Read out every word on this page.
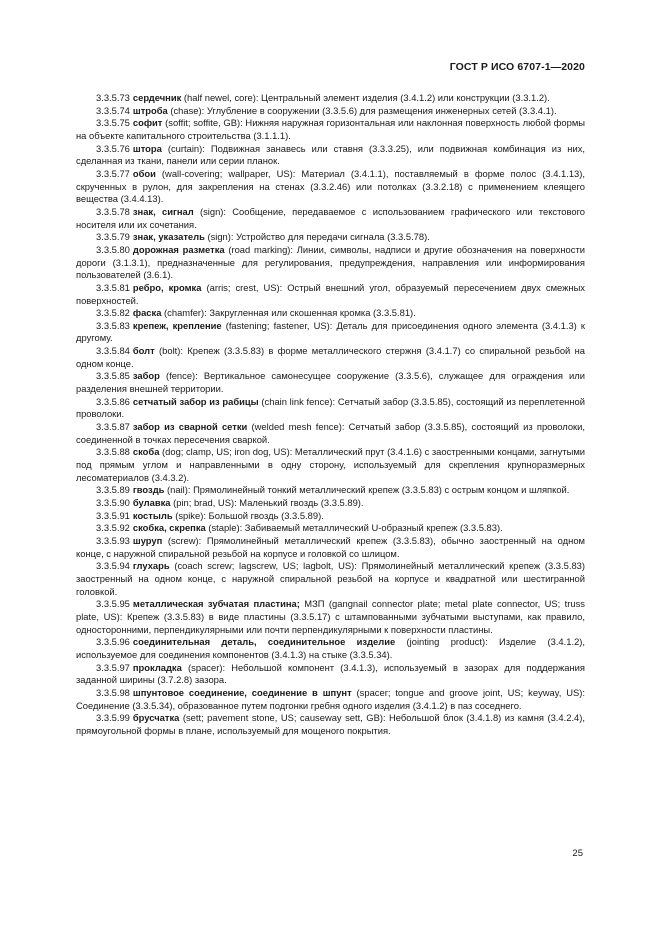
ГОСТ Р ИСО 6707-1—2020

3.3.5.73 сердечник (half newel, core): Центральный элемент изделия (3.4.1.2) или конструкции (3.3.1.2).

3.3.5.74 штроба (chase): Углубление в сооружении (3.3.5.6) для размещения инженерных сетей (3.3.4.1).

3.3.5.75 софит (soffit; soffite, GB): Нижняя наружная горизонтальная или наклонная поверхность любой формы на объекте капитального строительства (3.1.1.1).

3.3.5.76 штора (curtain): Подвижная занавесь или ставня (3.3.3.25), или подвижная комбинация из них, сделанная из ткани, панели или серии планок.

3.3.5.77 обои (wall-covering; wallpaper, US): Материал (3.4.1.1), поставляемый в форме полос (3.4.1.13), скрученных в рулон, для закрепления на стенах (3.3.2.46) или потолках (3.3.2.18) с применением клеящего вещества (3.4.4.13).

3.3.5.78 знак, сигнал (sign): Сообщение, передаваемое с использованием графического или текстового носителя или их сочетания.

3.3.5.79 знак, указатель (sign): Устройство для передачи сигнала (3.3.5.78).

3.3.5.80 дорожная разметка (road marking): Линии, символы, надписи и другие обозначения на поверхности дороги (3.1.3.1), предназначенные для регулирования, предупреждения, направления или информирования пользователей (3.6.1).

3.3.5.81 ребро, кромка (arris; crest, US): Острый внешний угол, образуемый пересечением двух смежных поверхностей.

3.3.5.82 фаска (chamfer): Закругленная или скошенная кромка (3.3.5.81).

3.3.5.83 крепеж, крепление (fastening; fastener, US): Деталь для присоединения одного элемента (3.4.1.3) к другому.

3.3.5.84 болт (bolt): Крепеж (3.3.5.83) в форме металлического стержня (3.4.1.7) со спиральной резьбой на одном конце.

3.3.5.85 забор (fence): Вертикальное самонесущее сооружение (3.3.5.6), служащее для ограждения или разделения внешней территории.

3.3.5.86 сетчатый забор из рабицы (chain link fence): Сетчатый забор (3.3.5.85), состоящий из переплетенной проволоки.

3.3.5.87 забор из сварной сетки (welded mesh fence): Сетчатый забор (3.3.5.85), состоящий из проволоки, соединенной в точках пересечения сваркой.

3.3.5.88 скоба (dog; clamp, US; iron dog, US): Металлический прут (3.4.1.6) с заостренными концами, загнутыми под прямым углом и направленными в одну сторону, используемый для скрепления крупноразмерных лесоматериалов (3.4.3.2).

3.3.5.89 гвоздь (nail): Прямолинейный тонкий металлический крепеж (3.3.5.83) с острым концом и шляпкой.

3.3.5.90 булавка (pin; brad, US): Маленький гвоздь (3.3.5.89).

3.3.5.91 костыль (spike): Большой гвоздь (3.3.5.89).

3.3.5.92 скобка, скрепка (staple): Забиваемый металлический U-образный крепеж (3.3.5.83).

3.3.5.93 шуруп (screw): Прямолинейный металлический крепеж (3.3.5.83), обычно заостренный на одном конце, с наружной спиральной резьбой на корпусе и головкой со шлицом.

3.3.5.94 глухарь (coach screw; lagscrew, US; lagbolt, US): Прямолинейный металлический крепеж (3.3.5.83) заостренный на одном конце, с наружной спиральной резьбой на корпусе и квадратной или шестигранной головкой.

3.3.5.95 металлическая зубчатая пластина; МЗП (gangnail connector plate; metal plate connector, US; truss plate, US): Крепеж (3.3.5.83) в виде пластины (3.3.5.17) с штампованными зубчатыми выступами, как правило, односторонними, перпендикулярными или почти перпендикулярными к поверхности пластины.

3.3.5.96 соединительная деталь, соединительное изделие (jointing product): Изделие (3.4.1.2), используемое для соединения компонентов (3.4.1.3) на стыке (3.3.5.34).

3.3.5.97 прокладка (spacer): Небольшой компонент (3.4.1.3), используемый в зазорах для поддержания заданной ширины (3.7.2.8) зазора.

3.3.5.98 шпунтовое соединение, соединение в шпунт (spacer; tongue and groove joint, US; keyway, US): Соединение (3.3.5.34), образованное путем подгонки гребня одного изделия (3.4.1.2) в паз соседнего.

3.3.5.99 брусчатка (sett; pavement stone, US; causeway sett, GB): Небольшой блок (3.4.1.8) из камня (3.4.2.4), прямоугольной формы в плане, используемый для мощеного покрытия.

25
